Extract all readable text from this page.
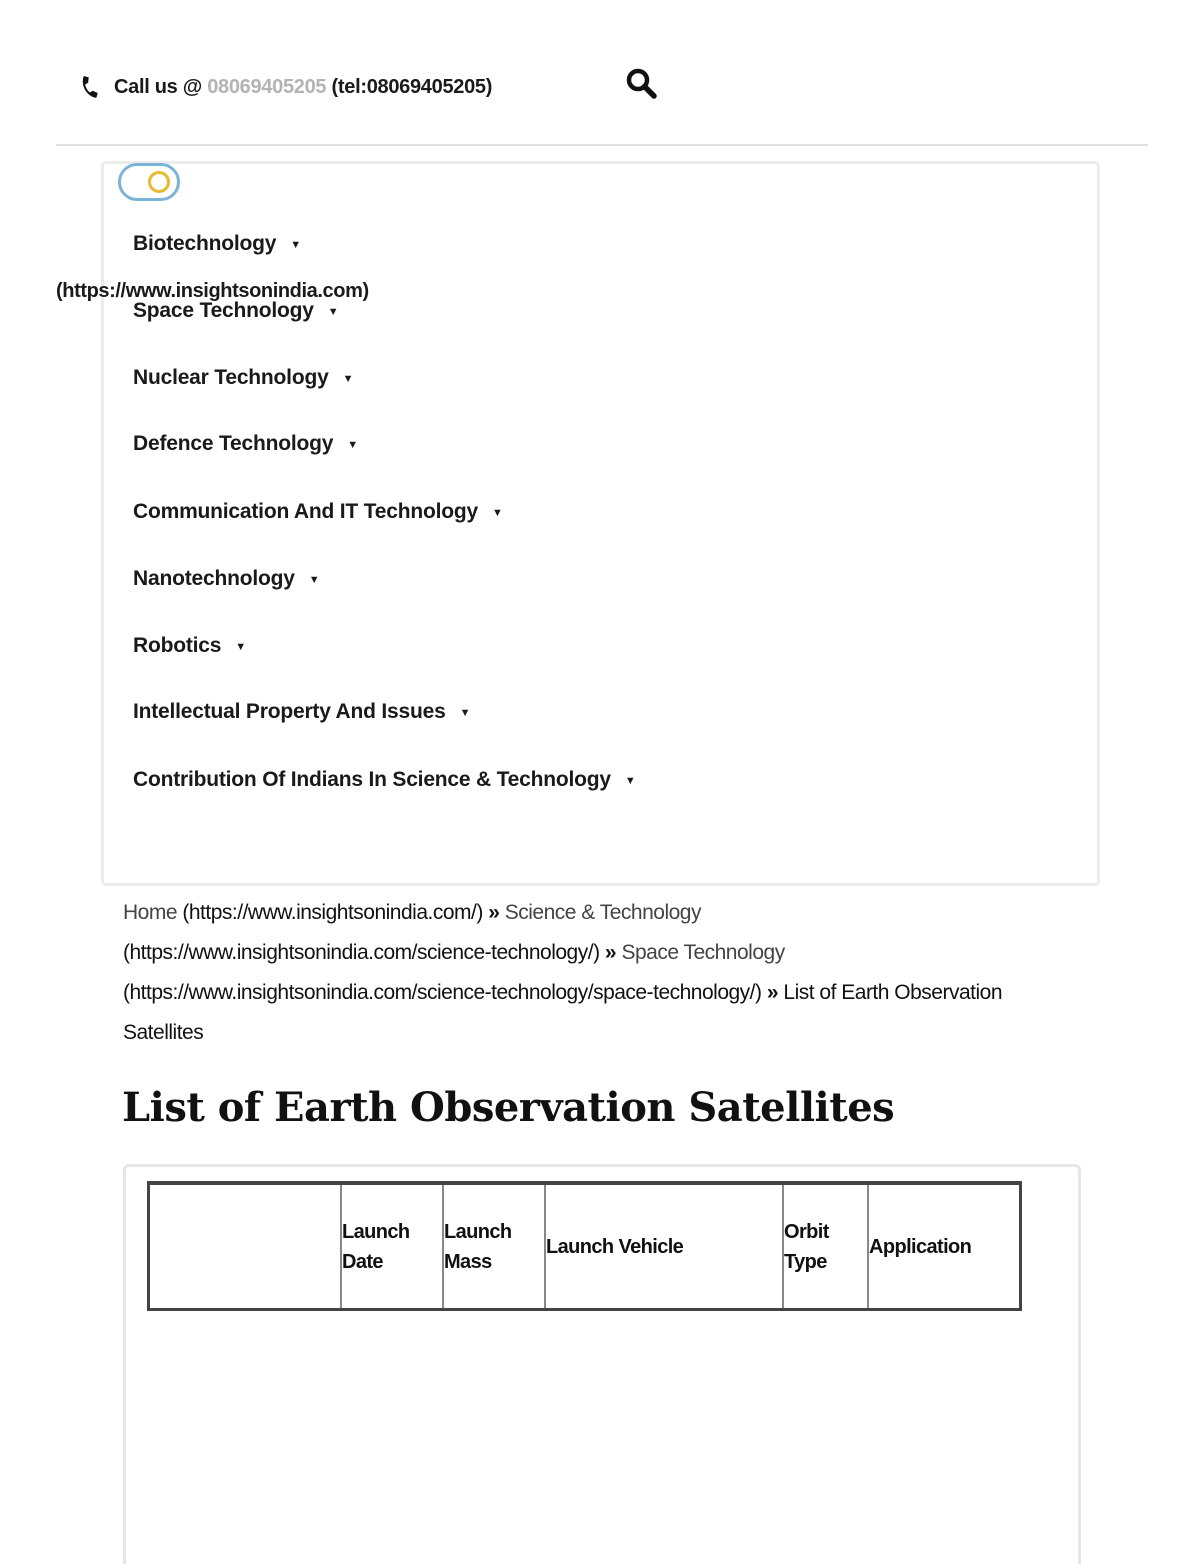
Call us @
08069405205
(tel:08069405205)
Biotechnology ▼
Space Technology ▼
Nuclear Technology ▼
Defence Technology ▼
Communication And IT Technology ▼
Nanotechnology ▼
Robotics ▼
Intellectual Property And Issues ▼
Contribution Of Indians In Science & Technology ▼
(https://www.insightsonindia.com)
Home (https://www.insightsonindia.com/) » Science & Technology (https://www.insightsonindia.com/science-technology/) » Space Technology (https://www.insightsonindia.com/science-technology/space-technology/) » List of Earth Observation Satellites
List of Earth Observation Satellites
	Launch Date	Launch Mass	Launch Vehicle	Orbit Type	Application
